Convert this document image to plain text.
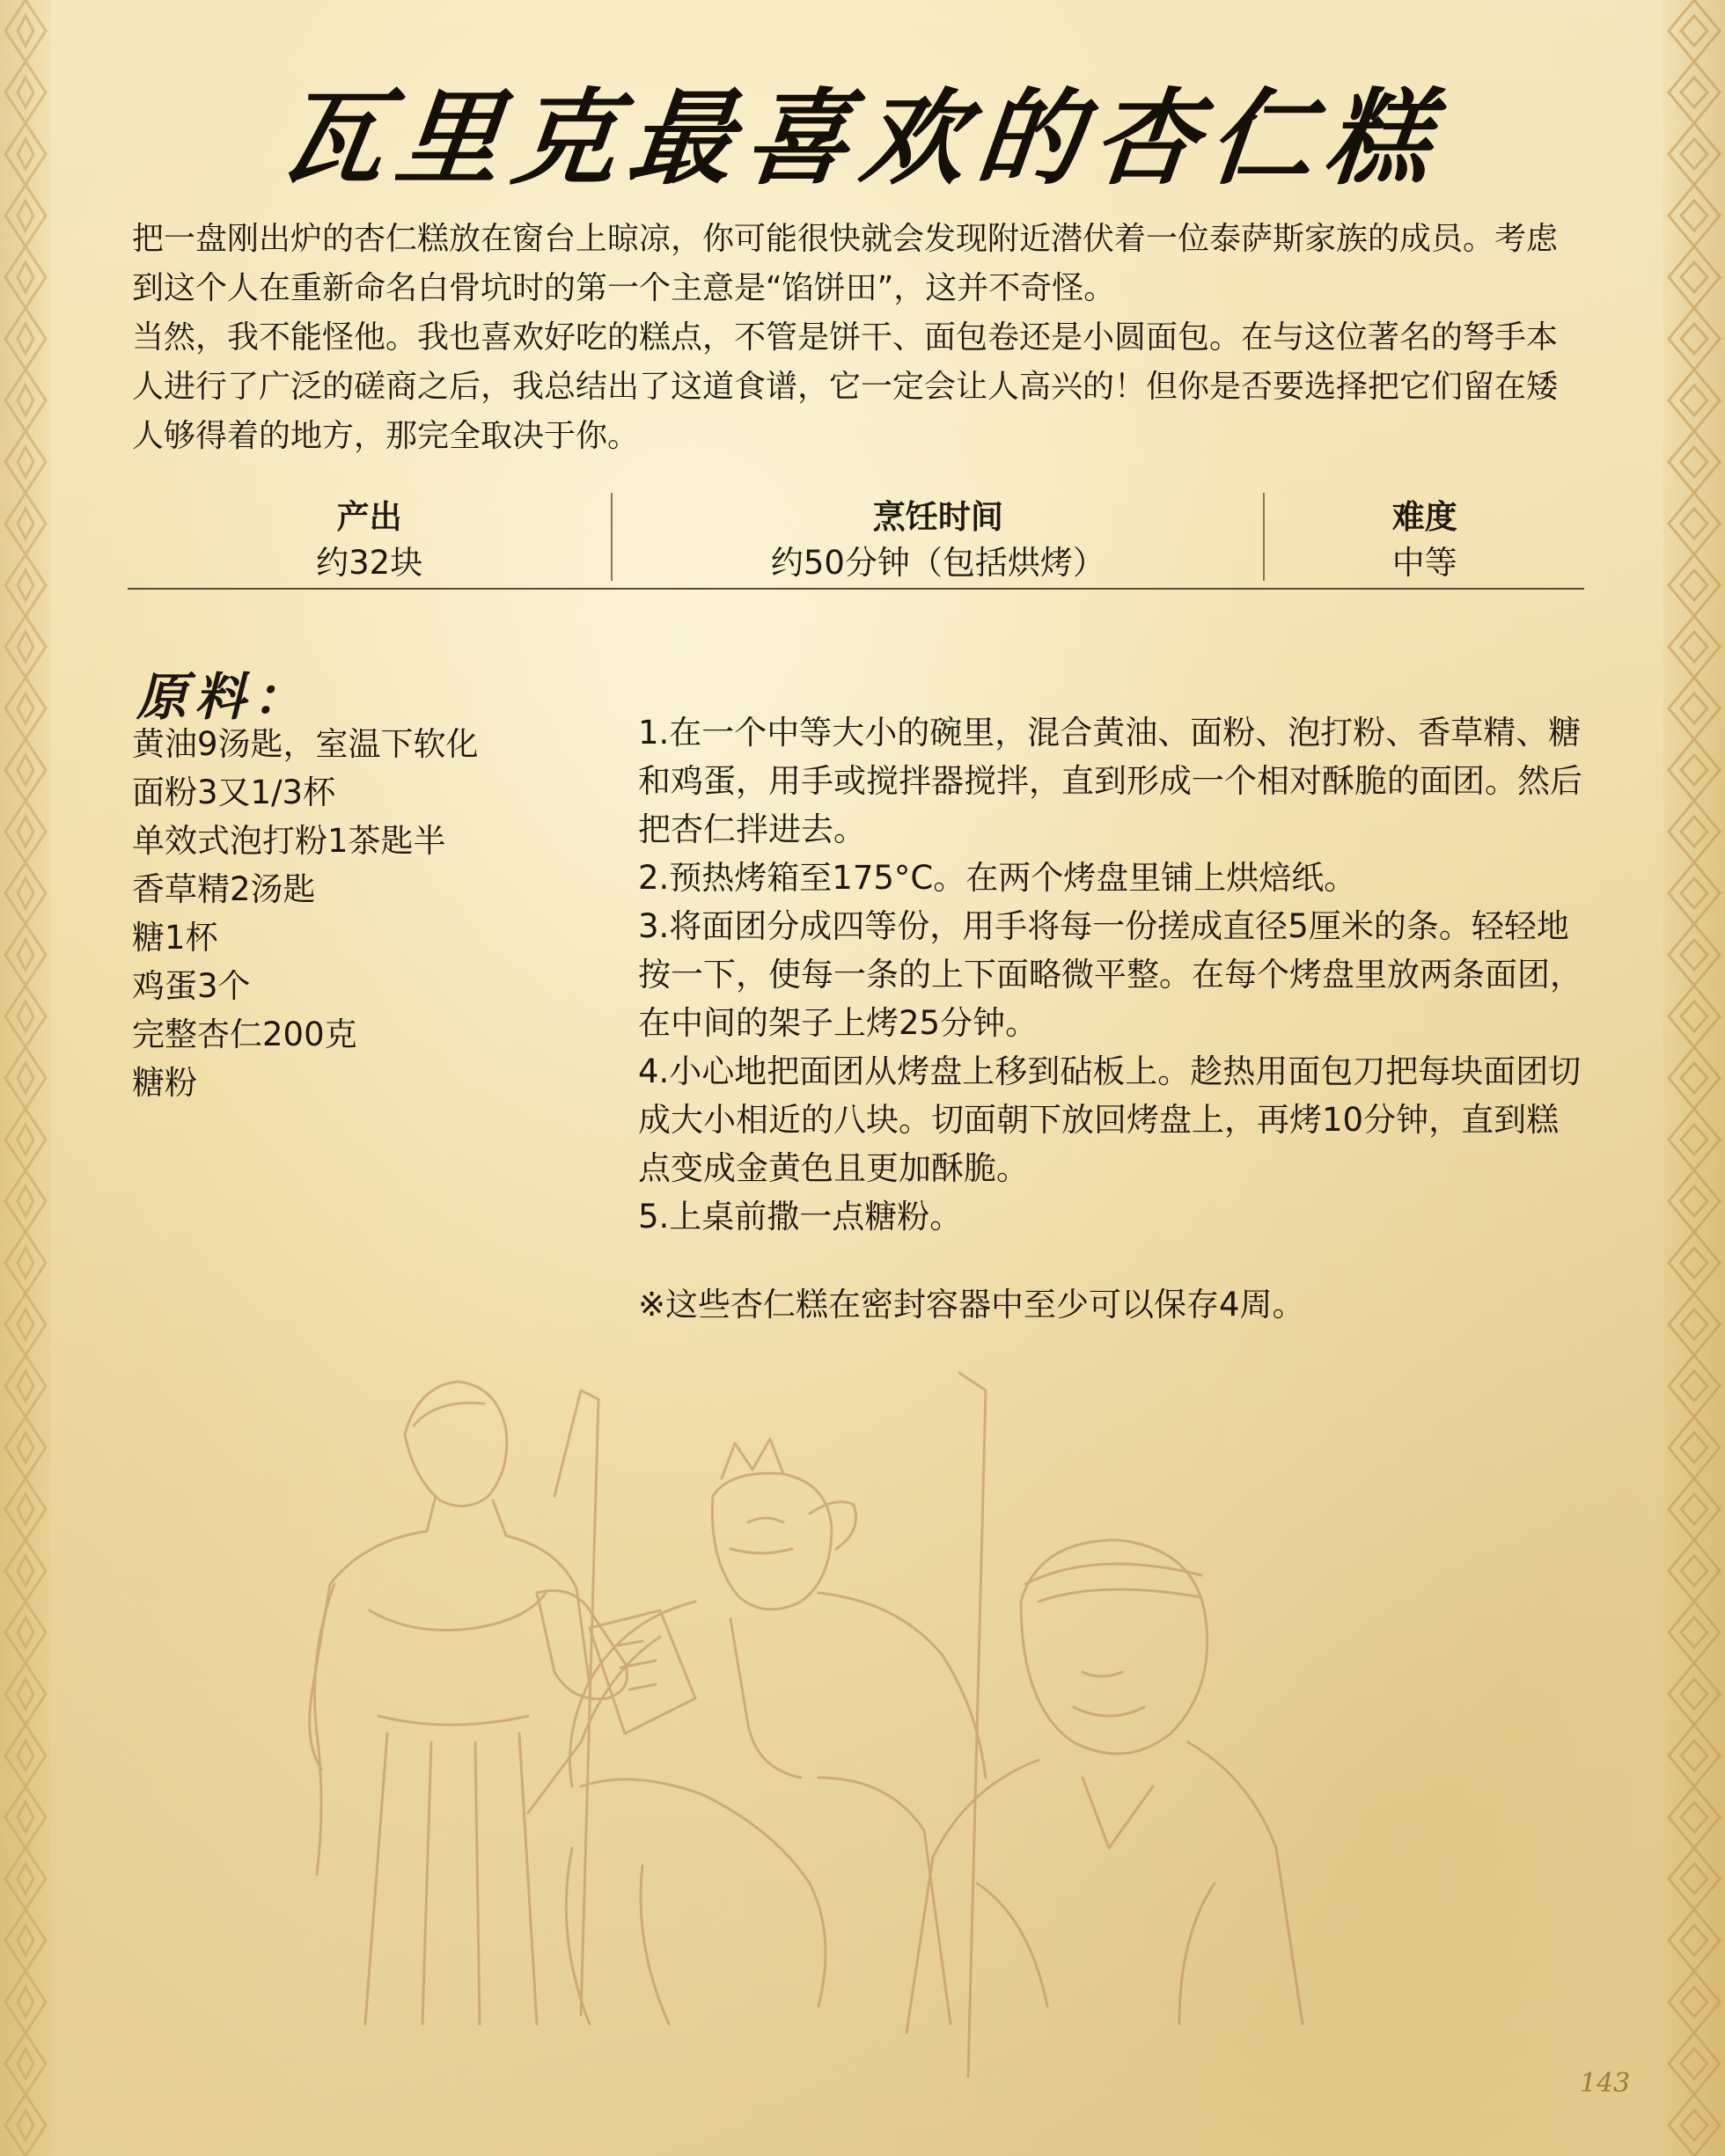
瓦里克最喜欢的杏仁糕

把一盘刚出炉的杏仁糕放在窗台上晾凉，你可能很快就会发现附近潜伏着一位泰萨斯家族的成员。考虑到这个人在重新命名白骨坑时的第一个主意是“馅饼田”，这并不奇怪。

当然，我不能怪他。我也喜欢好吃的糕点，不管是饼干、面包卷还是小圆面包。在与这位著名的弩手本人进行了广泛的磋商之后，我总结出了这道食谱，它一定会让人高兴的！但你是否要选择把它们留在矮人够得着的地方，那完全取决于你。

产出
约32块
烹饪时间
约50分钟（包括烘烤）
难度
中等
原料：
黄油9汤匙，室温下软化
面粉3又1/3杯
单效式泡打粉1茶匙半
香草精2汤匙
糖1杯
鸡蛋3个
完整杏仁200克
糖粉
1.在一个中等大小的碗里，混合黄油、面粉、泡打粉、香草精、糖和鸡蛋，用手或搅拌器搅拌，直到形成一个相对酥脆的面团。然后把杏仁拌进去。
2.预热烤箱至175°C。在两个烤盘里铺上烘焙纸。
3.将面团分成四等份，用手将每一份搓成直径5厘米的条。轻轻地按一下，使每一条的上下面略微平整。在每个烤盘里放两条面团，在中间的架子上烤25分钟。
4.小心地把面团从烤盘上移到砧板上。趁热用面包刀把每块面团切成大小相近的八块。切面朝下放回烤盘上，再烤10分钟，直到糕点变成金黄色且更加酥脆。
5.上桌前撒一点糖粉。
※这些杏仁糕在密封容器中至少可以保存4周。
143
